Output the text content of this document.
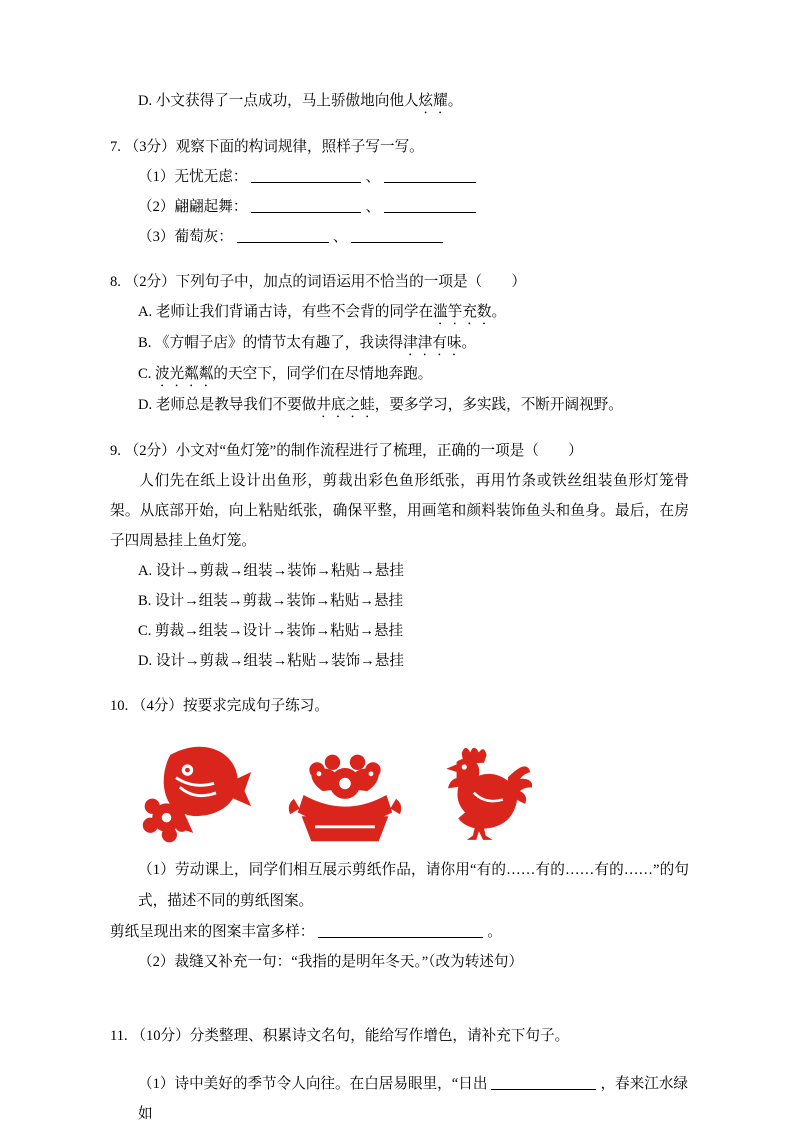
D. 小文获得了一点成功，马上骄傲地向他人炫耀。
7. （3分）观察下面的构词规律，照样子写一写。
（1）无忧无虑：	、
（2）翩翩起舞：	、
（3）葡萄灰：	、
8. （2分）下列句子中，加点的词语运用不恰当的一项是（　　）
A. 老师让我们背诵古诗，有些不会背的同学在滥竽充数。
B. 《方帽子店》的情节太有趣了，我读得津津有味。
C. 波光粼粼的天空下，同学们在尽情地奔跑。
D. 老师总是教导我们不要做井底之蛙，要多学习，多实践，不断开阔视野。
9. （2分）小文对“鱼灯笼”的制作流程进行了梳理，正确的一项是（　　）
人们先在纸上设计出鱼形，剪裁出彩色鱼形纸张，再用竹条或铁丝组装鱼形灯笼骨架。从底部开始，向上粘贴纸张，确保平整，用画笔和颜料装饰鱼头和鱼身。最后，在房子四周悬挂上鱼灯笼。
A. 设计→剪裁→组装→装饰→粘贴→悬挂
B. 设计→组装→剪裁→装饰→粘贴→悬挂
C. 剪裁→组装→设计→装饰→粘贴→悬挂
D. 设计→剪裁→组装→粘贴→装饰→悬挂
10. （4分）按要求完成句子练习。
（1）劳动课上，同学们相互展示剪纸作品，请你用“有的……有的……有的……”的句式，描述不同的剪纸图案。
剪纸呈现出来的图案丰富多样：	。
（2）裁缝又补充一句：“我指的是明年冬天。”（改为转述句）
11. （10分）分类整理、积累诗文名句，能给写作增色，请补充下句子。
（1）诗中美好的季节令人向往。在白居易眼里，“日出	，春来江水绿如
